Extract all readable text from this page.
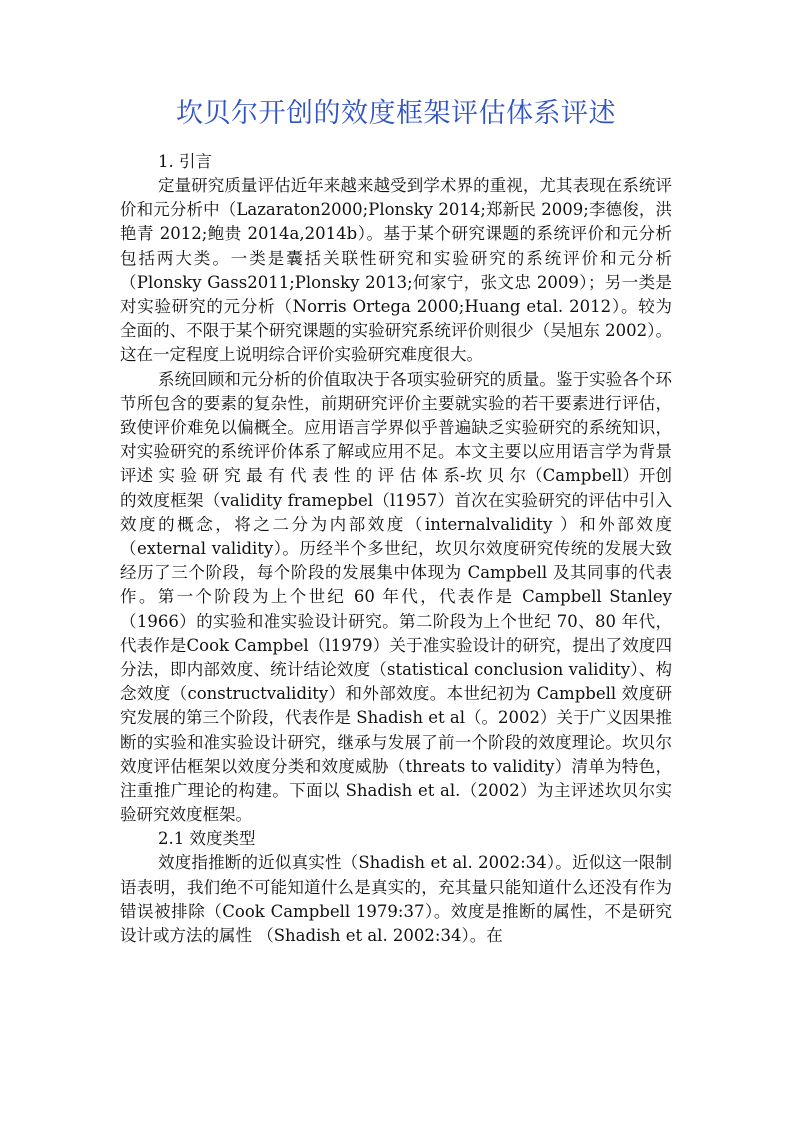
坎贝尔开创的效度框架评估体系评述
1. 引言

定量研究质量评估近年来越来越受到学术界的重视，尤其表现在系统评价和元分析中（Lazaraton2000;Plonsky 2014;郑新民 2009;李德俊，洪艳青 2012;鲍贵 2014a,2014b）。基于某个研究课题的系统评价和元分析包括两大类。一类是囊括关联性研究和实验研究的系统评价和元分析（Plonsky Gass2011;Plonsky 2013;何家宁，张文忠 2009）；另一类是对实验研究的元分析（Norris Ortega 2000;Huang etal. 2012）。较为全面的、不限于某个研究课题的实验研究系统评价则很少（吴旭东 2002）。这在一定程度上说明综合评价实验研究难度很大。

系统回顾和元分析的价值取决于各项实验研究的质量。鉴于实验各个环节所包含的要素的复杂性，前期研究评价主要就实验的若干要素进行评估，致使评价难免以偏概全。应用语言学界似乎普遍缺乏实验研究的系统知识，对实验研究的系统评价体系了解或应用不足。本文主要以应用语言学为背景评述 实 验 研 究 最 有 代 表 性 的 评 估 体 系-坎 贝 尔（Campbell）开创的效度框架（validity framepbel（l1957）首次在实验研究的评估中引入效度的概念，将之二分为内部效度（internalvalidity ）和外部效度（external validity）。历经半个多世纪，坎贝尔效度研究传统的发展大致经历了三个阶段，每个阶段的发展集中体现为 Campbell 及其同事的代表作。第一个阶段为上个世纪 60 年代，代表作是 Campbell Stanley（1966）的实验和准实验设计研究。第二阶段为上个世纪 70、80 年代，代表作是Cook Campbel（l1979）关于准实验设计的研究，提出了效度四分法，即内部效度、统计结论效度（statistical conclusion validity）、构念效度（constructvalidity）和外部效度。本世纪初为 Campbell 效度研究发展的第三个阶段，代表作是 Shadish et al（。2002）关于广义因果推断的实验和准实验设计研究，继承与发展了前一个阶段的效度理论。坎贝尔效度评估框架以效度分类和效度威胁（threats to validity）清单为特色，注重推广理论的构建。下面以 Shadish et al.（2002）为主评述坎贝尔实验研究效度框架。

2.1 效度类型

效度指推断的近似真实性（Shadish et al. 2002:34）。近似这一限制语表明，我们绝不可能知道什么是真实的，充其量只能知道什么还没有作为错误被排除（Cook Campbell 1979:37）。效度是推断的属性，不是研究设计或方法的属性 （Shadish et al. 2002:34）。在
